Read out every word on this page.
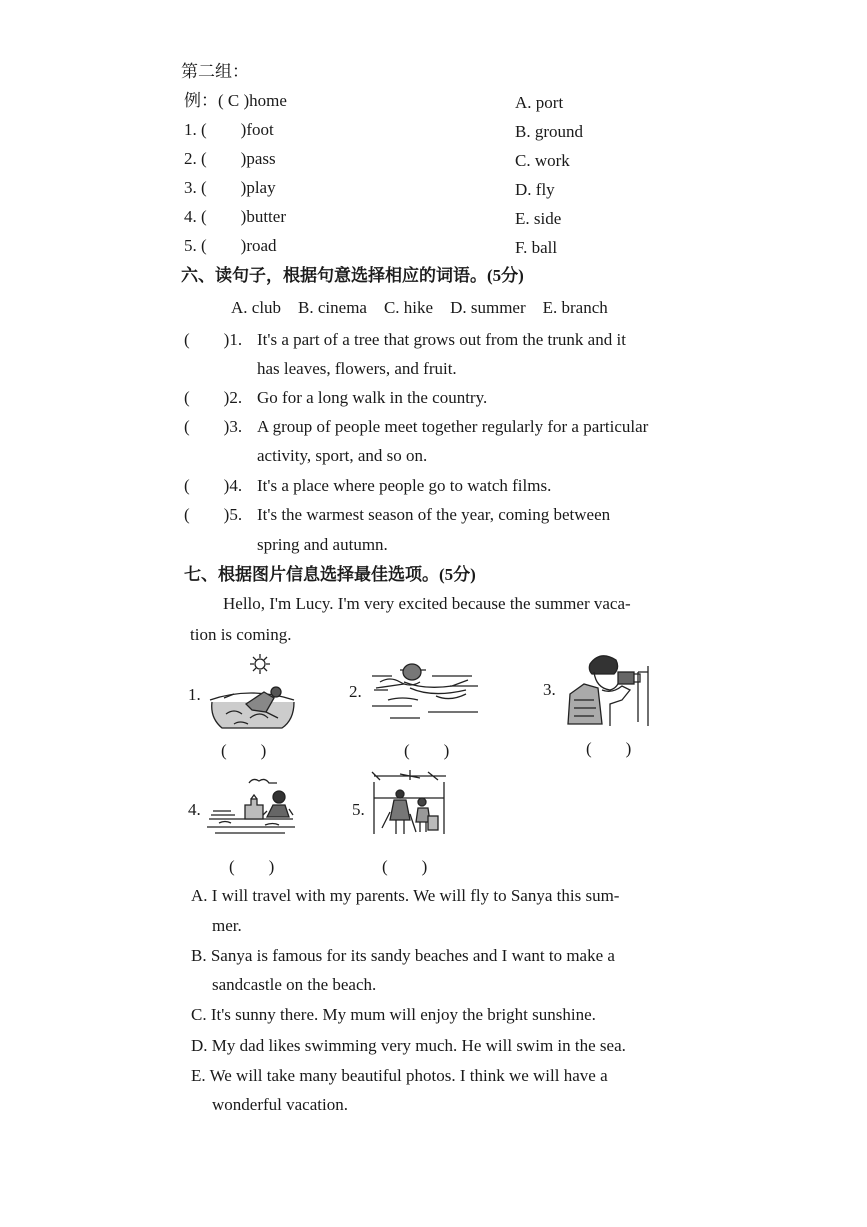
第二组：
例：( C )home
1. (　　)foot
2. (　　)pass
3. (　　)play
4. (　　)butter
5. (　　)road
A. port
B. ground
C. work
D. fly
E. side
F. ball
六、读句子，根据句意选择相应的词语。(5分)
A. club　B. cinema　C. hike　D. summer　E. branch
(　　)1. It's a part of a tree that grows out from the trunk and it
has leaves, flowers, and fruit.
(　　)2. Go for a long walk in the country.
(　　)3. A group of people meet together regularly for a particular
activity, sport, and so on.
(　　)4. It's a place where people go to watch films.
(　　)5. It's the warmest season of the year, coming between
spring and autumn.
七、根据图片信息选择最佳选项。(5分)
Hello, I'm Lucy. I'm very excited because the summer vaca-
tion is coming.
1.
(　　)
2.
(　　)
3.
(　　)
4.
(　　)
5.
(　　)
A. I will travel with my parents. We will fly to Sanya this sum-
mer.
B. Sanya is famous for its sandy beaches and I want to make a
sandcastle on the beach.
C. It's sunny there. My mum will enjoy the bright sunshine.
D. My dad likes swimming very much. He will swim in the sea.
E. We will take many beautiful photos. I think we will have a
wonderful vacation.
